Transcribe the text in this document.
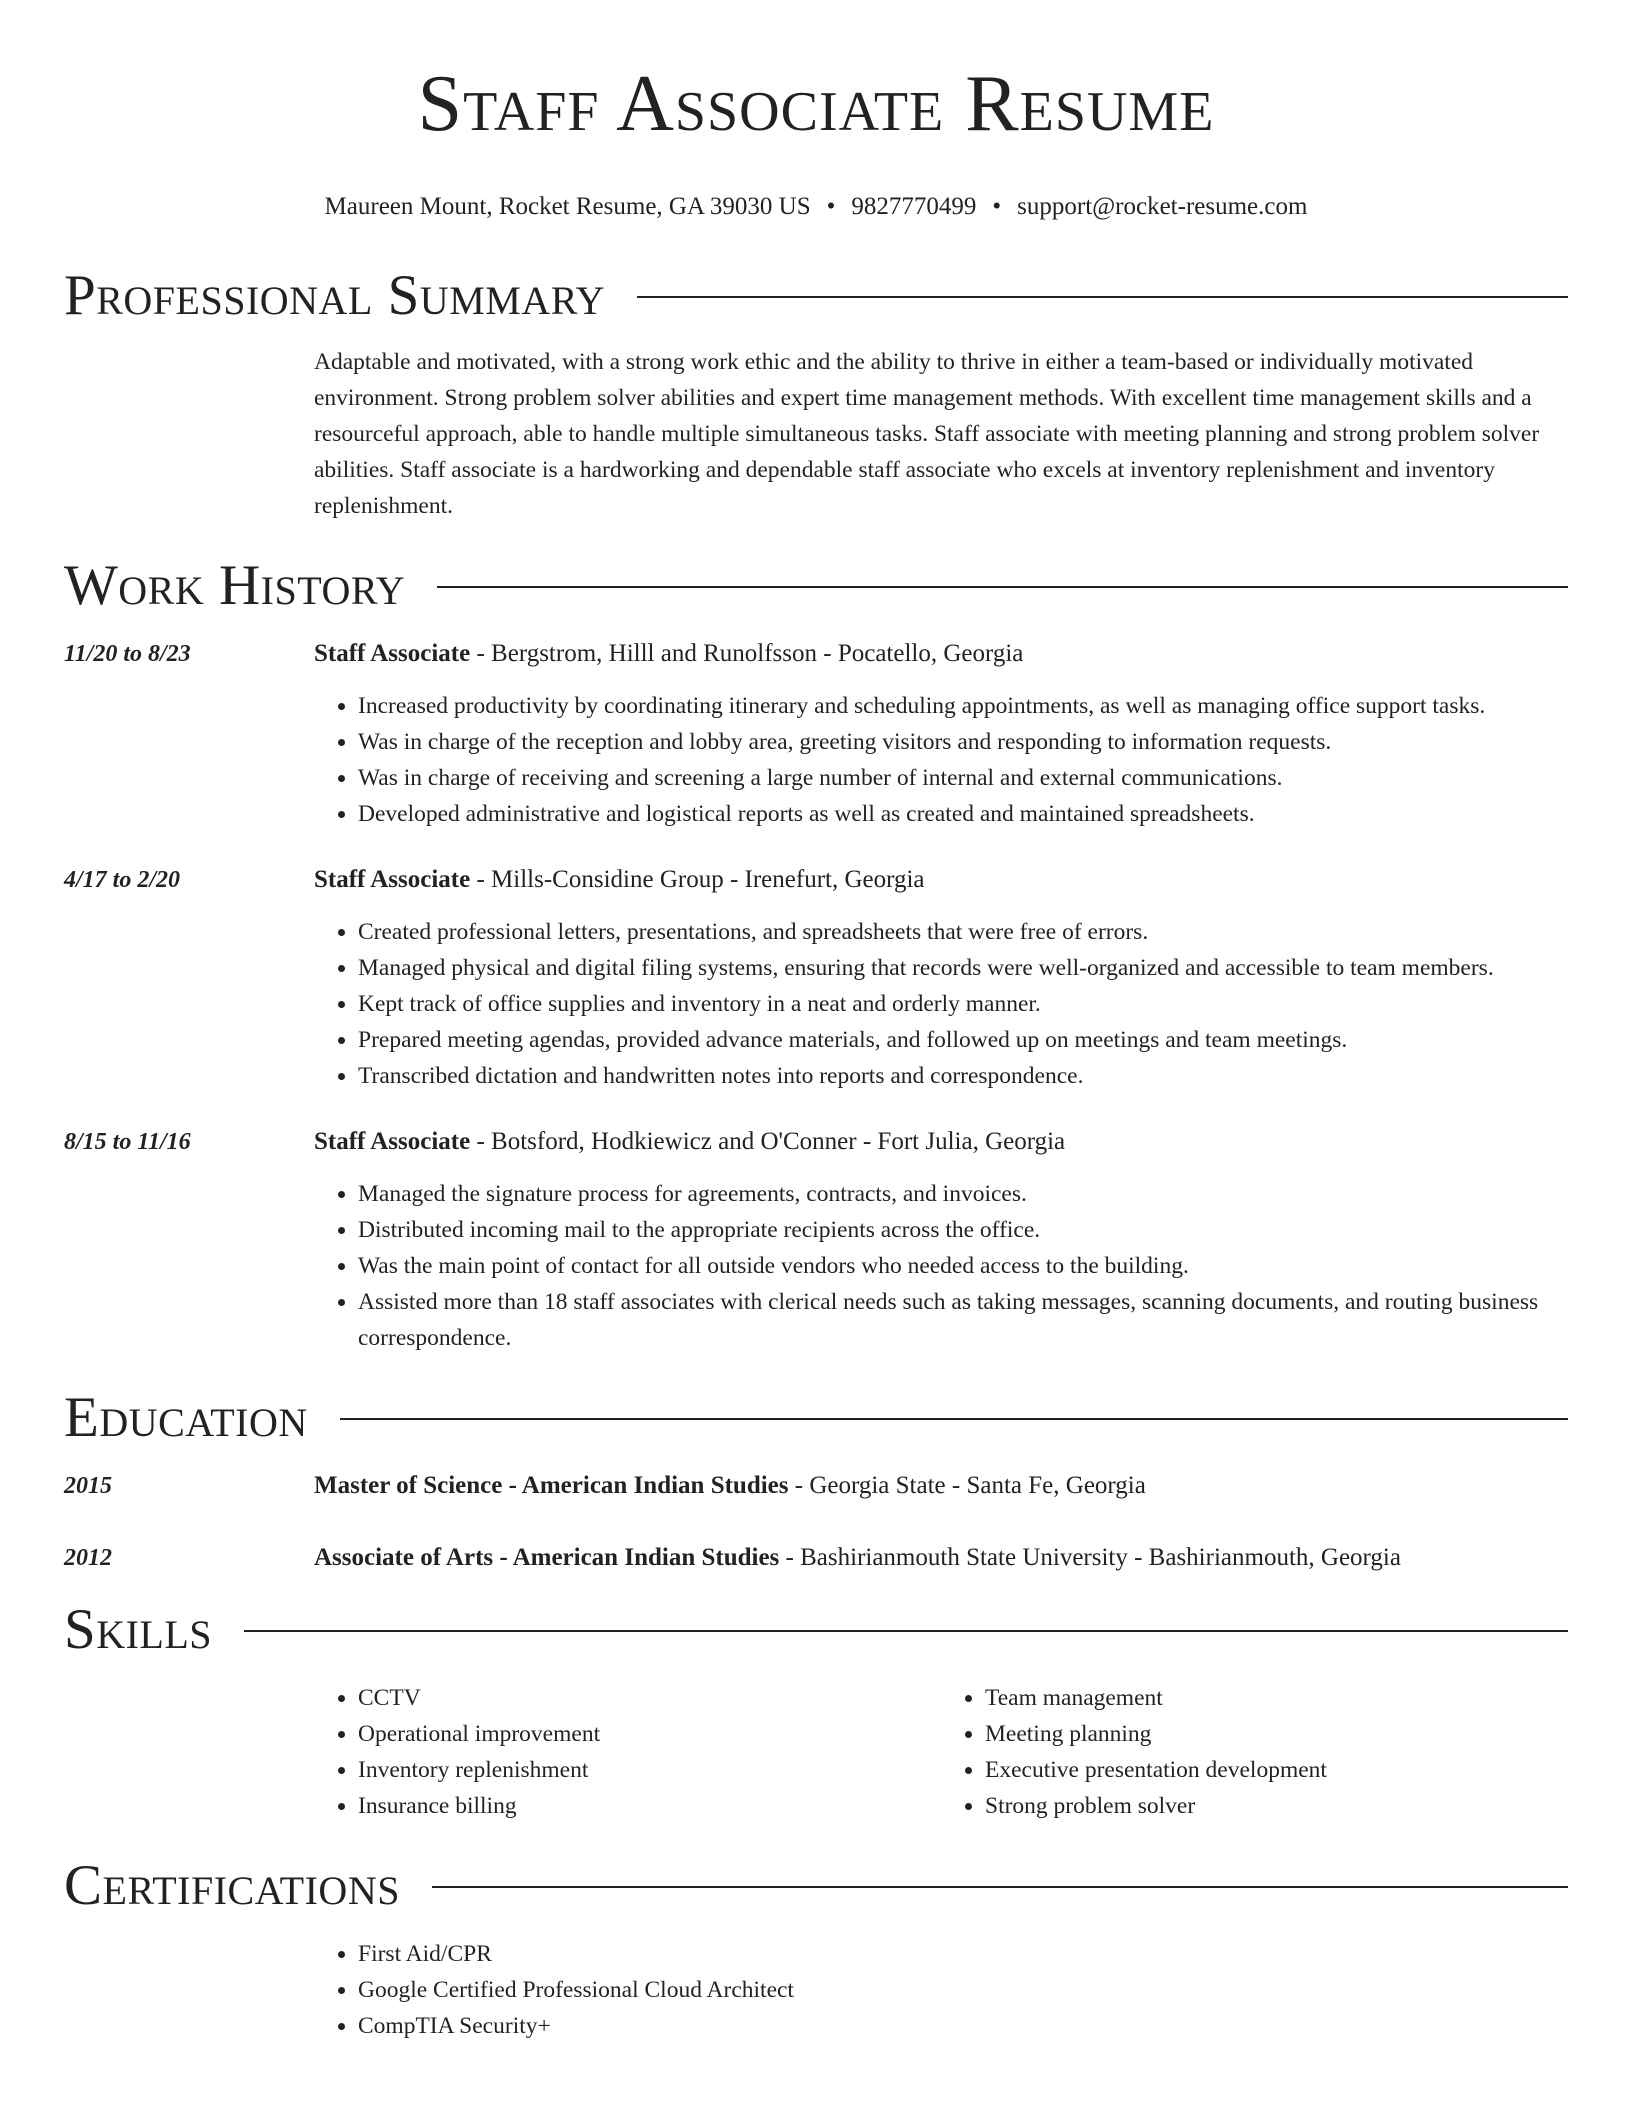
Staff Associate Resume
Maureen Mount, Rocket Resume, GA 39030 US • 9827770499 • support@rocket-resume.com
Professional Summary
Adaptable and motivated, with a strong work ethic and the ability to thrive in either a team-based or individually motivated environment. Strong problem solver abilities and expert time management methods. With excellent time management skills and a resourceful approach, able to handle multiple simultaneous tasks. Staff associate with meeting planning and strong problem solver abilities. Staff associate is a hardworking and dependable staff associate who excels at inventory replenishment and inventory replenishment.
Work History
11/20 to 8/23	Staff Associate - Bergstrom, Hilll and Runolfsson - Pocatello, Georgia
• Increased productivity by coordinating itinerary and scheduling appointments, as well as managing office support tasks.
• Was in charge of the reception and lobby area, greeting visitors and responding to information requests.
• Was in charge of receiving and screening a large number of internal and external communications.
• Developed administrative and logistical reports as well as created and maintained spreadsheets.
4/17 to 2/20	Staff Associate - Mills-Considine Group - Irenefurt, Georgia
• Created professional letters, presentations, and spreadsheets that were free of errors.
• Managed physical and digital filing systems, ensuring that records were well-organized and accessible to team members.
• Kept track of office supplies and inventory in a neat and orderly manner.
• Prepared meeting agendas, provided advance materials, and followed up on meetings and team meetings.
• Transcribed dictation and handwritten notes into reports and correspondence.
8/15 to 11/16	Staff Associate - Botsford, Hodkiewicz and O'Conner - Fort Julia, Georgia
• Managed the signature process for agreements, contracts, and invoices.
• Distributed incoming mail to the appropriate recipients across the office.
• Was the main point of contact for all outside vendors who needed access to the building.
• Assisted more than 18 staff associates with clerical needs such as taking messages, scanning documents, and routing business correspondence.
Education
2015	Master of Science - American Indian Studies - Georgia State - Santa Fe, Georgia
2012	Associate of Arts - American Indian Studies - Bashirianmouth State University - Bashirianmouth, Georgia
Skills
• CCTV
• Operational improvement
• Inventory replenishment
• Insurance billing
• Team management
• Meeting planning
• Executive presentation development
• Strong problem solver
Certifications
• First Aid/CPR
• Google Certified Professional Cloud Architect
• CompTIA Security+
